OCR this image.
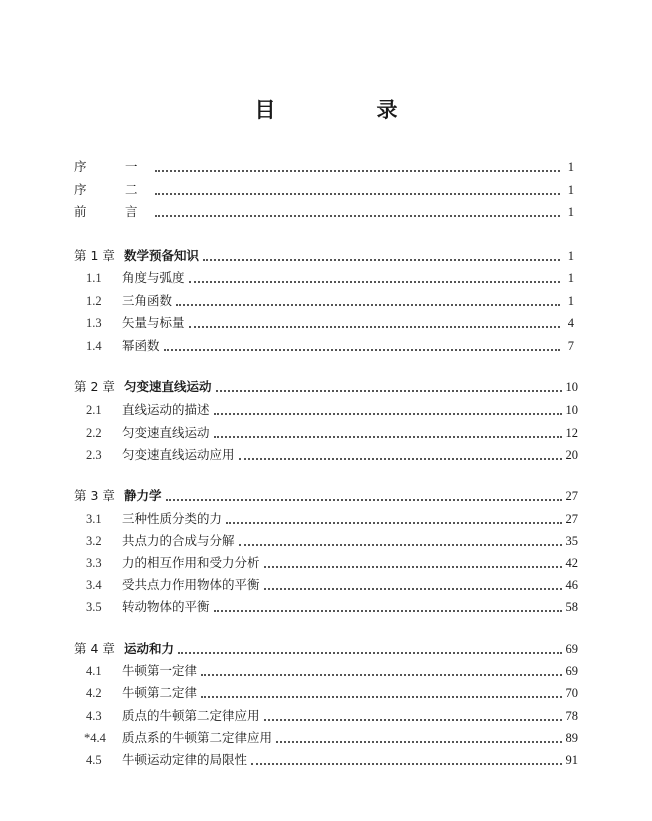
目　录
序　一	1
序　二	1
前　言	1
第 1 章 数学预备知识	1
1.1	角度与弧度	1
1.2	三角函数	1
1.3	矢量与标量	4
1.4	幂函数	7
第 2 章 匀变速直线运动	10
2.1	直线运动的描述	10
2.2	匀变速直线运动	12
2.3	匀变速直线运动应用	20
第 3 章 静力学	27
3.1	三种性质分类的力	27
3.2	共点力的合成与分解	35
3.3	力的相互作用和受力分析	42
3.4	受共点力作用物体的平衡	46
3.5	转动物体的平衡	58
第 4 章 运动和力	69
4.1	牛顿第一定律	69
4.2	牛顿第二定律	70
4.3	质点的牛顿第二定律应用	78
*4.4	质点系的牛顿第二定律应用	89
4.5	牛顿运动定律的局限性	91
